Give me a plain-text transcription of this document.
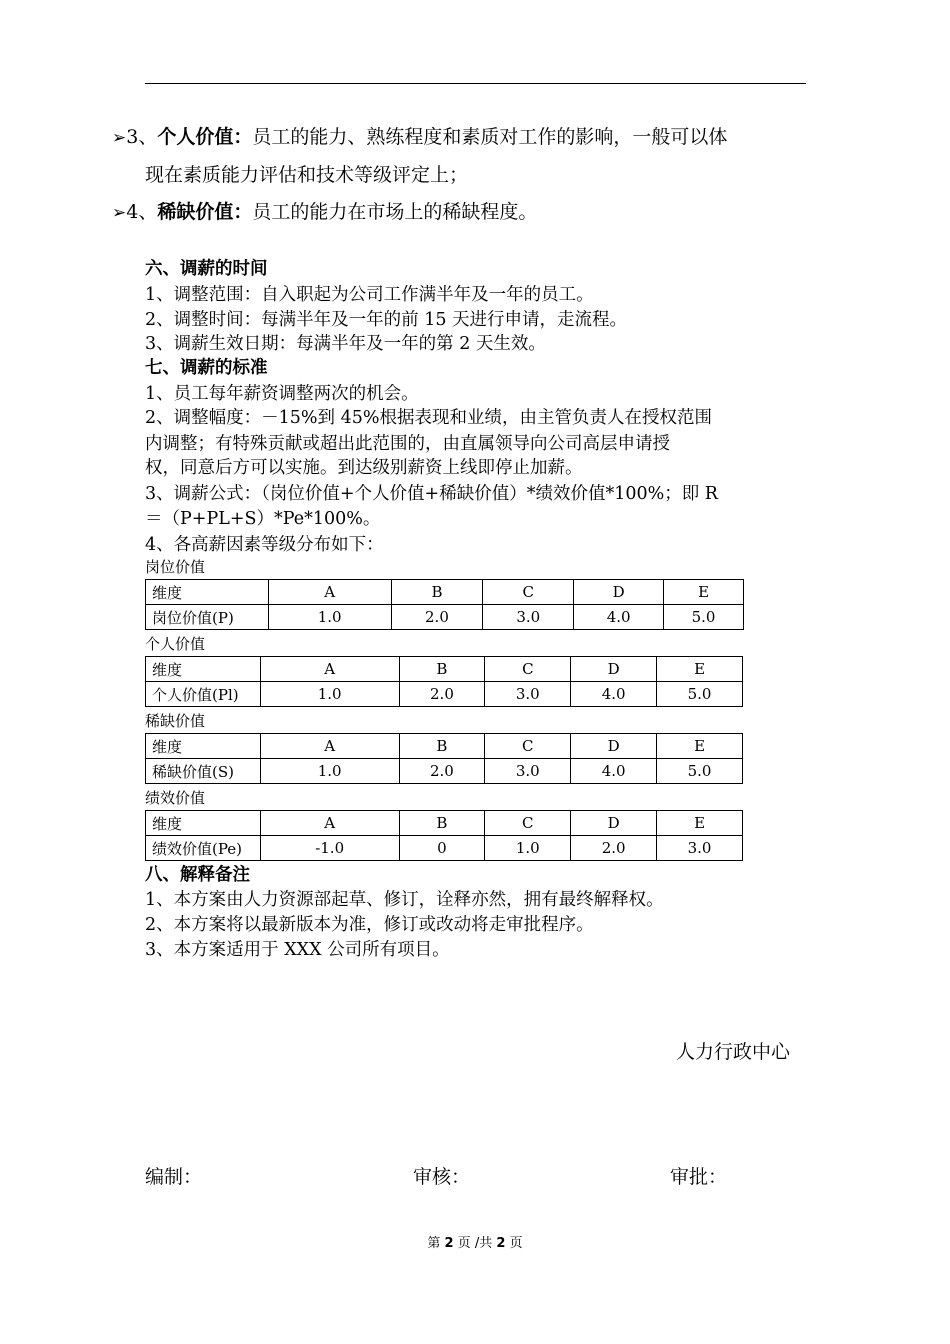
➢3、个人价值：员工的能力、熟练程度和素质对工作的影响，一般可以体
现在素质能力评估和技术等级评定上；
➢4、稀缺价值：员工的能力在市场上的稀缺程度。
六、调薪的时间
1、调整范围：自入职起为公司工作满半年及一年的员工。
2、调整时间：每满半年及一年的前 15 天进行申请，走流程。
3、调薪生效日期：每满半年及一年的第 2 天生效。
七、调薪的标准
1、员工每年薪资调整两次的机会。
2、调整幅度：－15%到 45%根据表现和业绩，由主管负责人在授权范围
内调整；有特殊贡献或超出此范围的，由直属领导向公司高层申请授
权，同意后方可以实施。到达级别薪资上线即停止加薪。
3、调薪公式：（岗位价值+个人价值+稀缺价值）*绩效价值*100%；即 R
＝（P+PL+S）*Pe*100%。
4、各高薪因素等级分布如下：
岗位价值
维度	A	B	C	D	E
岗位价值(P)	1.0	2.0	3.0	4.0	5.0
个人价值
维度	A	B	C	D	E
个人价值(Pl)	1.0	2.0	3.0	4.0	5.0
稀缺价值
维度	A	B	C	D	E
稀缺价值(S)	1.0	2.0	3.0	4.0	5.0
绩效价值
维度	A	B	C	D	E
绩效价值(Pe)	-1.0	0	1.0	2.0	3.0
八、解释备注
1、本方案由人力资源部起草、修订，诠释亦然，拥有最终解释权。
2、本方案将以最新版本为准，修订或改动将走审批程序。
3、本方案适用于 XXX 公司所有项目。
人力行政中心
编制：	审核：	审批：
第 2 页 /共 2 页
